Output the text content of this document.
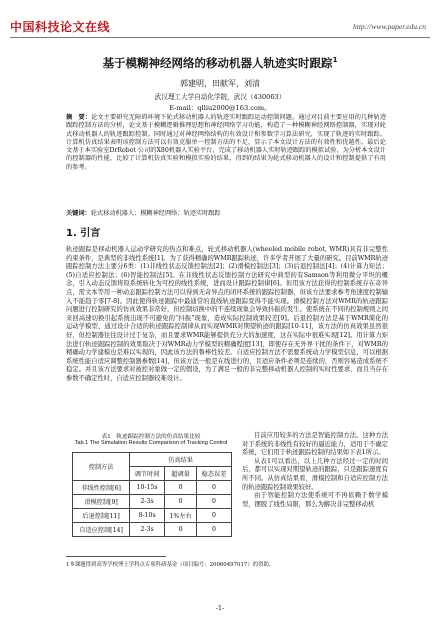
中国科技论文在线	http://www.paper.edu.cn
基于模糊神经网络的移动机器人轨迹实时跟踪$^1$
郭建明，田献军，刘清
武汉理工大学自动化学院，武汉（430063）
E-mail：qlliu2000@163.com。
摘　要：论文主要研究无障碍环境下轮式移动机器人的轨迹实时跟踪运动控制问题。通过对目前主要应用的几种轨迹跟踪控制方法的分析，论文基于模糊逻辑推理思想和神经网络学习功能，构造了一种模糊神经网络控制器，实现对轮式移动机器人的轨迹跟踪控制。同时通过对神经网络结构的有效设计和参数学习算法研究，实现了轨迹的实时跟踪。计算机仿真结果表明该控制方法可以有效克服单一控制方法的不足，显示了本文设计方法的有效性和优越性。最后论文基于本实验室DrRobot 公司的X80机器人实验平台，完成了移动机器人实时轨迹跟踪的模拟试验，为分析本文设计的控制器的性能，比较了计算机仿真实验和模拟实验的结果，得到的结果为轮式移动机器人的设计和控制提供了有用的参考。
关键词：轮式移动机器人；模糊神经网络；轨迹实时跟踪
1. 引言
轨迹跟踪是移动机器人运动学研究的热点和难点，轮式移动机器人(wheeled mobile robot, WMR)具有非完整性约束条件，是典型的非线性系统[1]。为了获得精确的WMR跟踪轨迹，许多学者开展了大量的研究。目前WMR轨迹跟踪控制方法主要分6类：(1)非线性状态反馈控制法[2]；(2)滑模控制法[3]；(3)后退控制法[4]；(4)计算力矩法；(5)自适应控制法；(6)智能控制法[5]。在非线性状态反馈控制方法研究中典型的有Samson等利用微分平坦的概念，引入动态反馈将原系统转化为可控的线性系统，进而设计跟踪控制律[6]。但用该方法获得的控制系统存在奇异点，需文本等用一种动态跟踪控制方法可以得到无奇异点的闭环系统的跟踪控制器，但该方法要求参考角速度控制输入不能趋于零[7-8]。因此使得轨迹跟踪中最通常的直线轨迹跟踪变得不能实现。滑模控制方法对WMR的轨迹跟踪问题进行控制研究的仿真效果非常好，但控制切换中的不连续现象会导致抖振的发生。使系统在不同的控制规则之间来回高速切换引起系统出现不可避免的“抖振”现象，造成实际控制效果较差[9]。后退控制方法是基于WMR简化的运动学模型，通过设计合适的轨迹跟踪控制律从而实现WMR对期望轨迹的跟踪[10-11]，该方法的仿真效果虽然很好，但控制器往往设计过于复杂，而且要求WMR能够提供充分大的加速度，这在实际中很难实现[12]。用计算力矩法进行轨迹跟踪控制的效果取决于对WMR动力学模型的精确程度[13]，即使存在无外界干扰的条件下，对WMR的精确动力学建模也是难以实现的，因此该方法的鲁棒性较差。自适应控制方法不需要系统动力学模型信息，可以根据系统性能自适应调整控制器参数[14]，但该方法一般是在线进行的，且适应条件必须是连续的，否则容易造成系统不稳定。并且该方法要求对被控对象做一定的假设，为了满足一般的非完整移动机器人控制的实时性要求，而且当存在参数不确定性时，自适应控制器较难设计。
表1　轨迹跟踪控制方法的仿真结果比较
Tab.1 The Simulation Results Comparison of Tracking Control
控制方法	仿真结果		
	调节时间	超调量	稳态误差
非线性控制[6]	10-15s	0	0
滑模控制[9]	2-3s	0	0
后退控制[11]	8-10s	1%左右	0
自适应控制[14]	2-3s	0	0
目前应用较多的方法是智能控制方法。这种方法对于系统的非线性有较好的逼近能力，适用于不确定系统，它们用于轨迹跟踪控制的结果如下表1所示。
从表1可以看出，以上几种方法经过一定的时间后，都可以实现对期望轨迹的跟踪，只是跟踪速度有所不同。从仿真结果看，滑模控制和自适应控制方法的轨迹跟踪控制效果较好。
由于智能控制方法使系统可不再依赖于数学模型，摆脱了线性局限，那么为解决非完整移动机
1本课题得到高等学校博士学科点专项科研基金（项目编号：20060497017）的资助。
-1-
